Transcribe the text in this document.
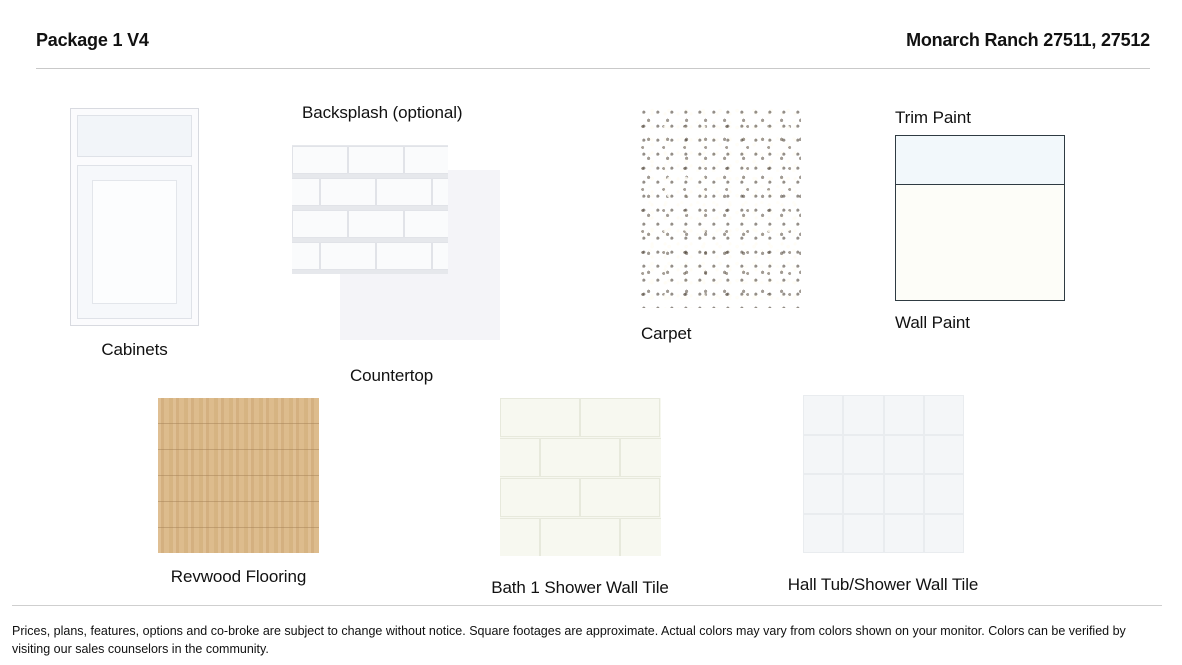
Package 1 V4	Monarch Ranch 27511, 27512
Cabinets
Backsplash (optional)
Countertop
Carpet
Trim Paint
Wall Paint
Revwood Flooring
Bath 1 Shower Wall Tile	Hall Tub/Shower Wall Tile
Prices, plans, features, options and co-broke are subject to change without notice. Square footages are approximate. Actual colors may vary from colors shown on your monitor. Colors can be verified by visiting our sales counselors in the community.
